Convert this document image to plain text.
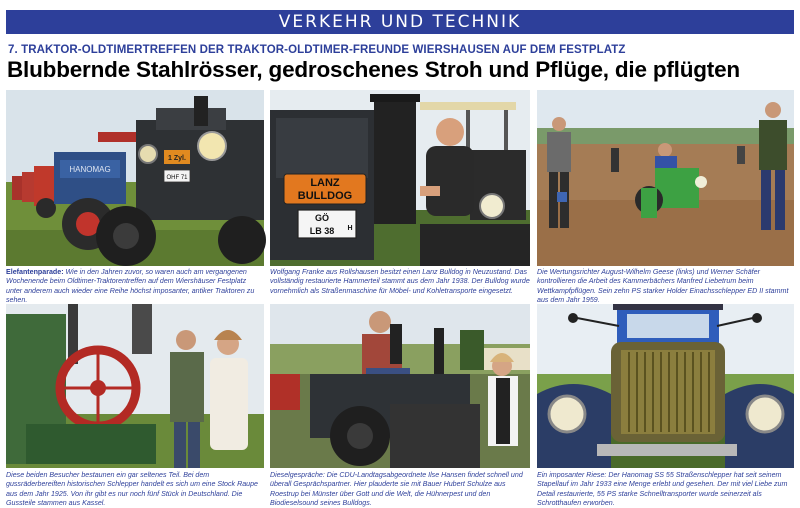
VERKEHR UND TECHNIK
7. TRAKTOR-OLDTIMERTREFFEN DER TRAKTOR-OLDTIMER-FREUNDE WIERSHAUSEN AUF DEM FESTPLATZ
Blubbernde Stahlrösser, gedroschenes Stroh und Pflüge, die pflügten
HANOMAG
1 Zyl.
OHF 71
Elefantenparade: Wie in den Jahren zuvor, so waren auch am vergangenen Wochenende beim Oldtimer-Traktorentreffen auf dem Wiershäuser Festplatz unter anderem auch wieder eine Reihe höchst imposanter, antiker Traktoren zu sehen.
LANZ
BULLDOG
GÖ
LB 38 H
Wolfgang Franke aus Rollshausen besitzt einen Lanz Bulldog in Neuzustand. Das vollständig restaurierte Hammerteil stammt aus dem Jahr 1938. Der Bulldog wurde vornehmlich als Straßenmaschine für Möbel- und Kohletransporte eingesetzt.
Die Wertungsrichter August-Wilhelm Geese (links) und Werner Schäfer kontrollieren die Arbeit des Kammerbächers Manfred Liebetrum beim Wettkampfpflügen. Sein zehn PS starker Holder Einachsschlepper ED II stammt aus dem Jahr 1959.
Diese beiden Besucher bestaunen ein gar seltenes Teil. Bei dem gussräderbereiften historischen Schlepper handelt es sich um eine Stock Raupe aus dem Jahr 1925. Von ihr gibt es nur noch fünf Stück in Deutschland. Die Gussteile stammen aus Kassel.
Dieselgespräche: Die CDU-Landtagsabgeordnete Ilse Hansen findet schnell und überall Gesprächspartner. Hier plauderte sie mit Bauer Hubert Schulze aus Roestrup bei Münster über Gott und die Welt, die Hühnerpest und den Biodieselsound seines Bulldogs.
Ein imposanter Riese: Der Hanomag SS 55 Straßenschlepper hat seit seinem Stapellauf im Jahr 1933 eine Menge erlebt und gesehen. Der mit viel Liebe zum Detail restaurierte, 55 PS starke Schnelltransporter wurde seinerzeit als Schrotthaufen erworben.
